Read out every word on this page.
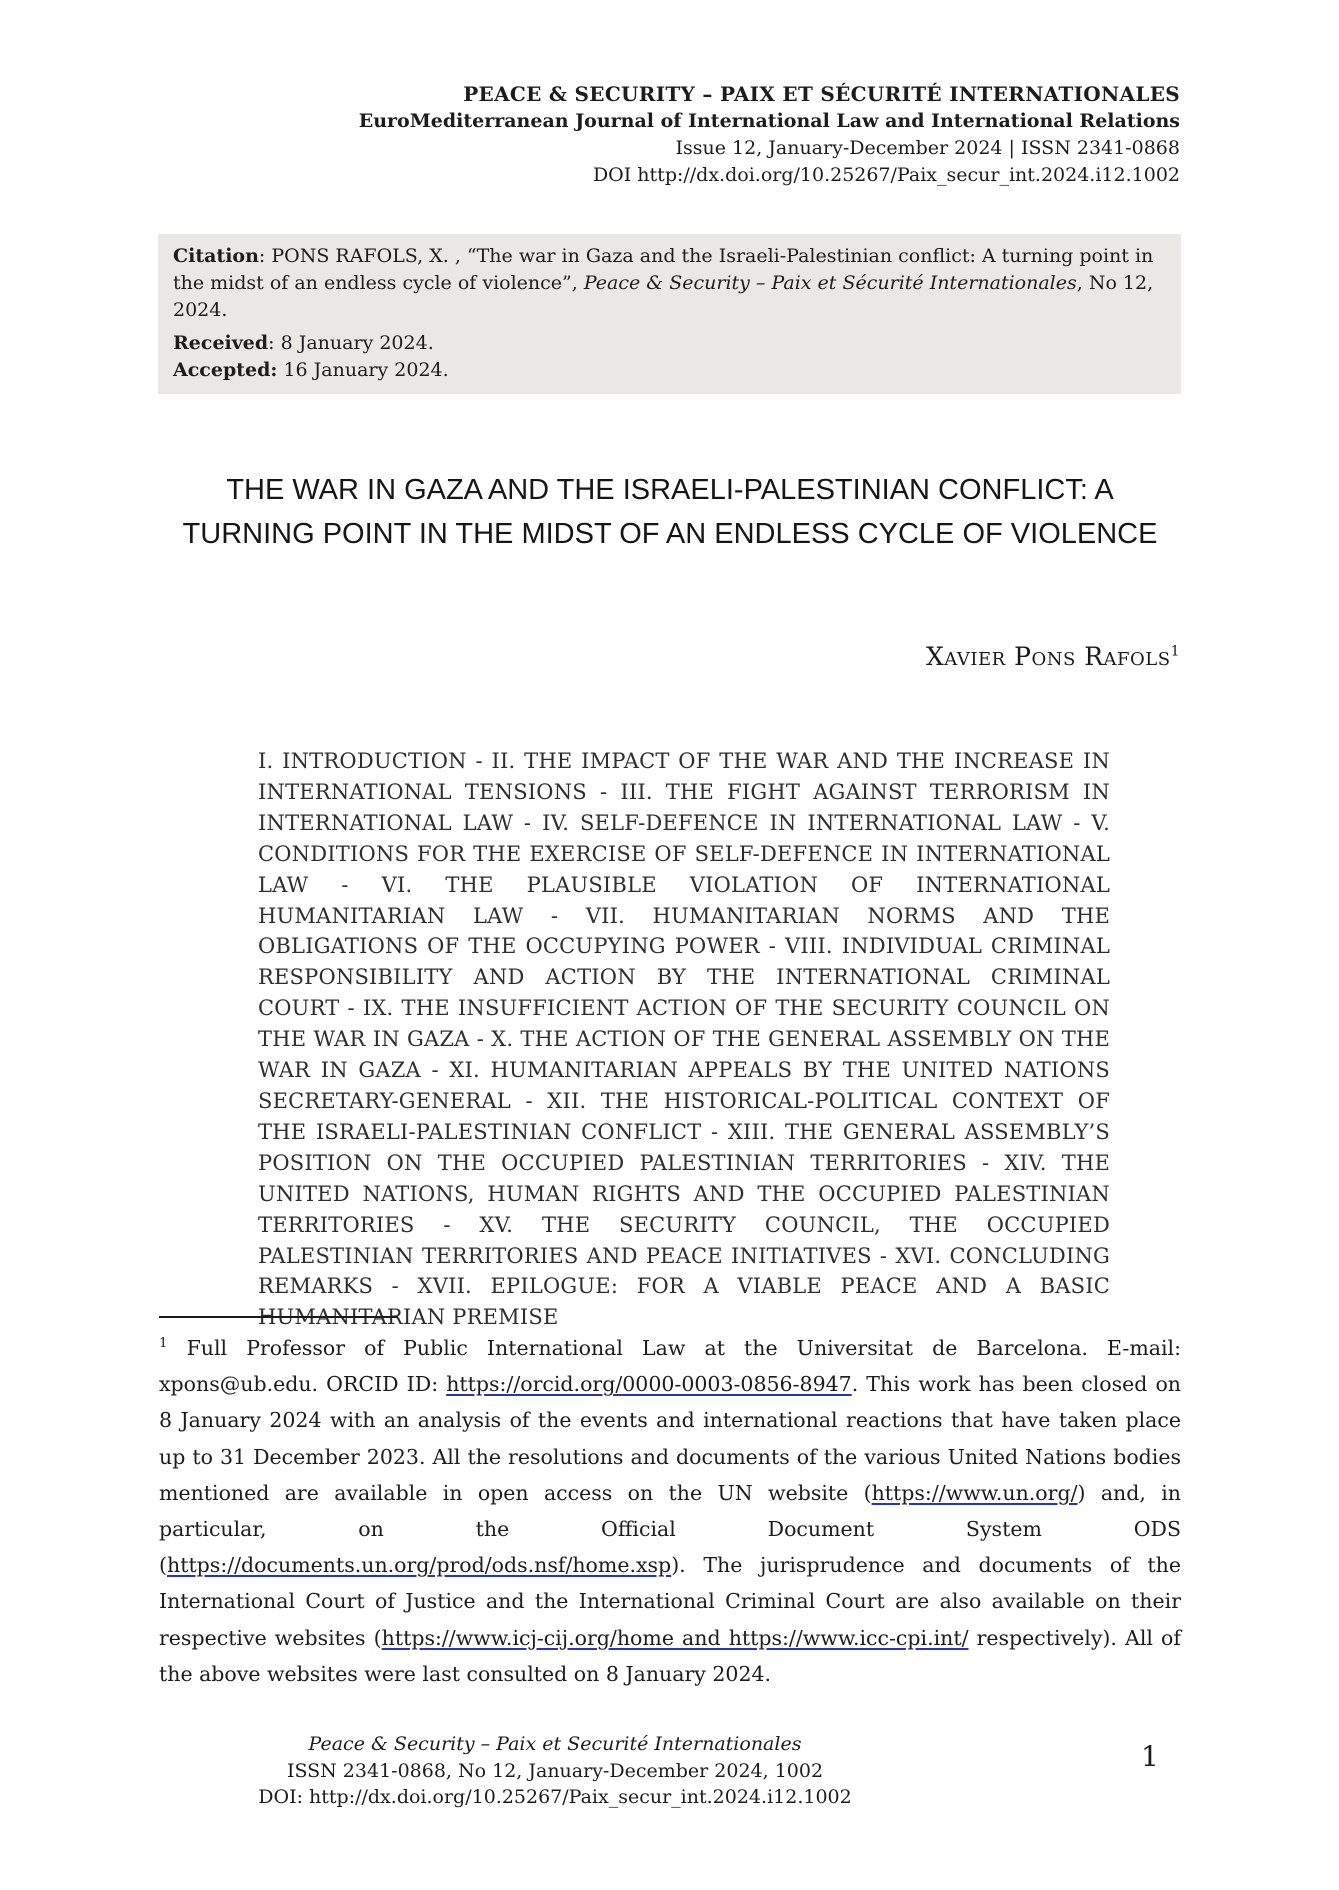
PEACE & SECURITY – PAIX ET SÉCURITÉ INTERNATIONALES
EuroMediterranean Journal of International Law and International Relations
Issue 12, January-December 2024 | ISSN 2341-0868
DOI http://dx.doi.org/10.25267/Paix_secur_int.2024.i12.1002

Citation: PONS RAFOLS, X. , “The war in Gaza and the Israeli-Palestinian conflict: A turning point in the midst of an endless cycle of violence”, Peace & Security – Paix et Sécurité Internationales, No 12, 2024.

Received: 8 January 2024.

Accepted: 16 January 2024.

THE WAR IN GAZA AND THE ISRAELI-PALESTINIAN CONFLICT: A TURNING POINT IN THE MIDST OF AN ENDLESS CYCLE OF VIOLENCE
Xavier Pons Rafols$^1$
I. INTRODUCTION - II. THE IMPACT OF THE WAR AND THE INCREASE IN INTERNATIONAL TENSIONS - III. THE FIGHT AGAINST TERRORISM IN INTERNATIONAL LAW - IV. SELF-DEFENCE IN INTERNATIONAL LAW - V. CONDITIONS FOR THE EXERCISE OF SELF-DEFENCE IN INTERNATIONAL LAW - VI. THE PLAUSIBLE VIOLATION OF INTERNATIONAL HUMANITARIAN LAW - VII. HUMANITARIAN NORMS AND THE OBLIGATIONS OF THE OCCUPYING POWER - VIII. INDIVIDUAL CRIMINAL RESPONSIBILITY AND ACTION BY THE INTERNATIONAL CRIMINAL COURT - IX. THE INSUFFICIENT ACTION OF THE SECURITY COUNCIL ON THE WAR IN GAZA - X. THE ACTION OF THE GENERAL ASSEMBLY ON THE WAR IN GAZA - XI. HUMANITARIAN APPEALS BY THE UNITED NATIONS SECRETARY-GENERAL - XII. THE HISTORICAL-POLITICAL CONTEXT OF THE ISRAELI-PALESTINIAN CONFLICT - XIII. THE GENERAL ASSEMBLY’S POSITION ON THE OCCUPIED PALESTINIAN TERRITORIES - XIV. THE UNITED NATIONS, HUMAN RIGHTS AND THE OCCUPIED PALESTINIAN TERRITORIES - XV. THE SECURITY COUNCIL, THE OCCUPIED PALESTINIAN TERRITORIES AND PEACE INITIATIVES - XVI. CONCLUDING REMARKS - XVII. EPILOGUE: FOR A VIABLE PEACE AND A BASIC HUMANITARIAN PREMISE
$^1$ Full Professor of Public International Law at the Universitat de Barcelona. E-mail: xpons@ub.edu. ORCID ID: https://orcid.org/0000-0003-0856-8947. This work has been closed on 8 January 2024 with an analysis of the events and international reactions that have taken place up to 31 December 2023. All the resolutions and documents of the various United Nations bodies mentioned are available in open access on the UN website (https://www.un.org/) and, in particular, on the Official Document System ODS (https://documents.un.org/prod/ods.nsf/home.xsp). The jurisprudence and documents of the International Court of Justice and the International Criminal Court are also available on their respective websites (https://www.icj-cij.org/home and https://www.icc-cpi.int/ respectively). All of the above websites were last consulted on 8 January 2024.
Peace & Security – Paix et Securité Internationales
ISSN 2341-0868, No 12, January-December 2024, 1002
DOI: http://dx.doi.org/10.25267/Paix_secur_int.2024.i12.1002
1
